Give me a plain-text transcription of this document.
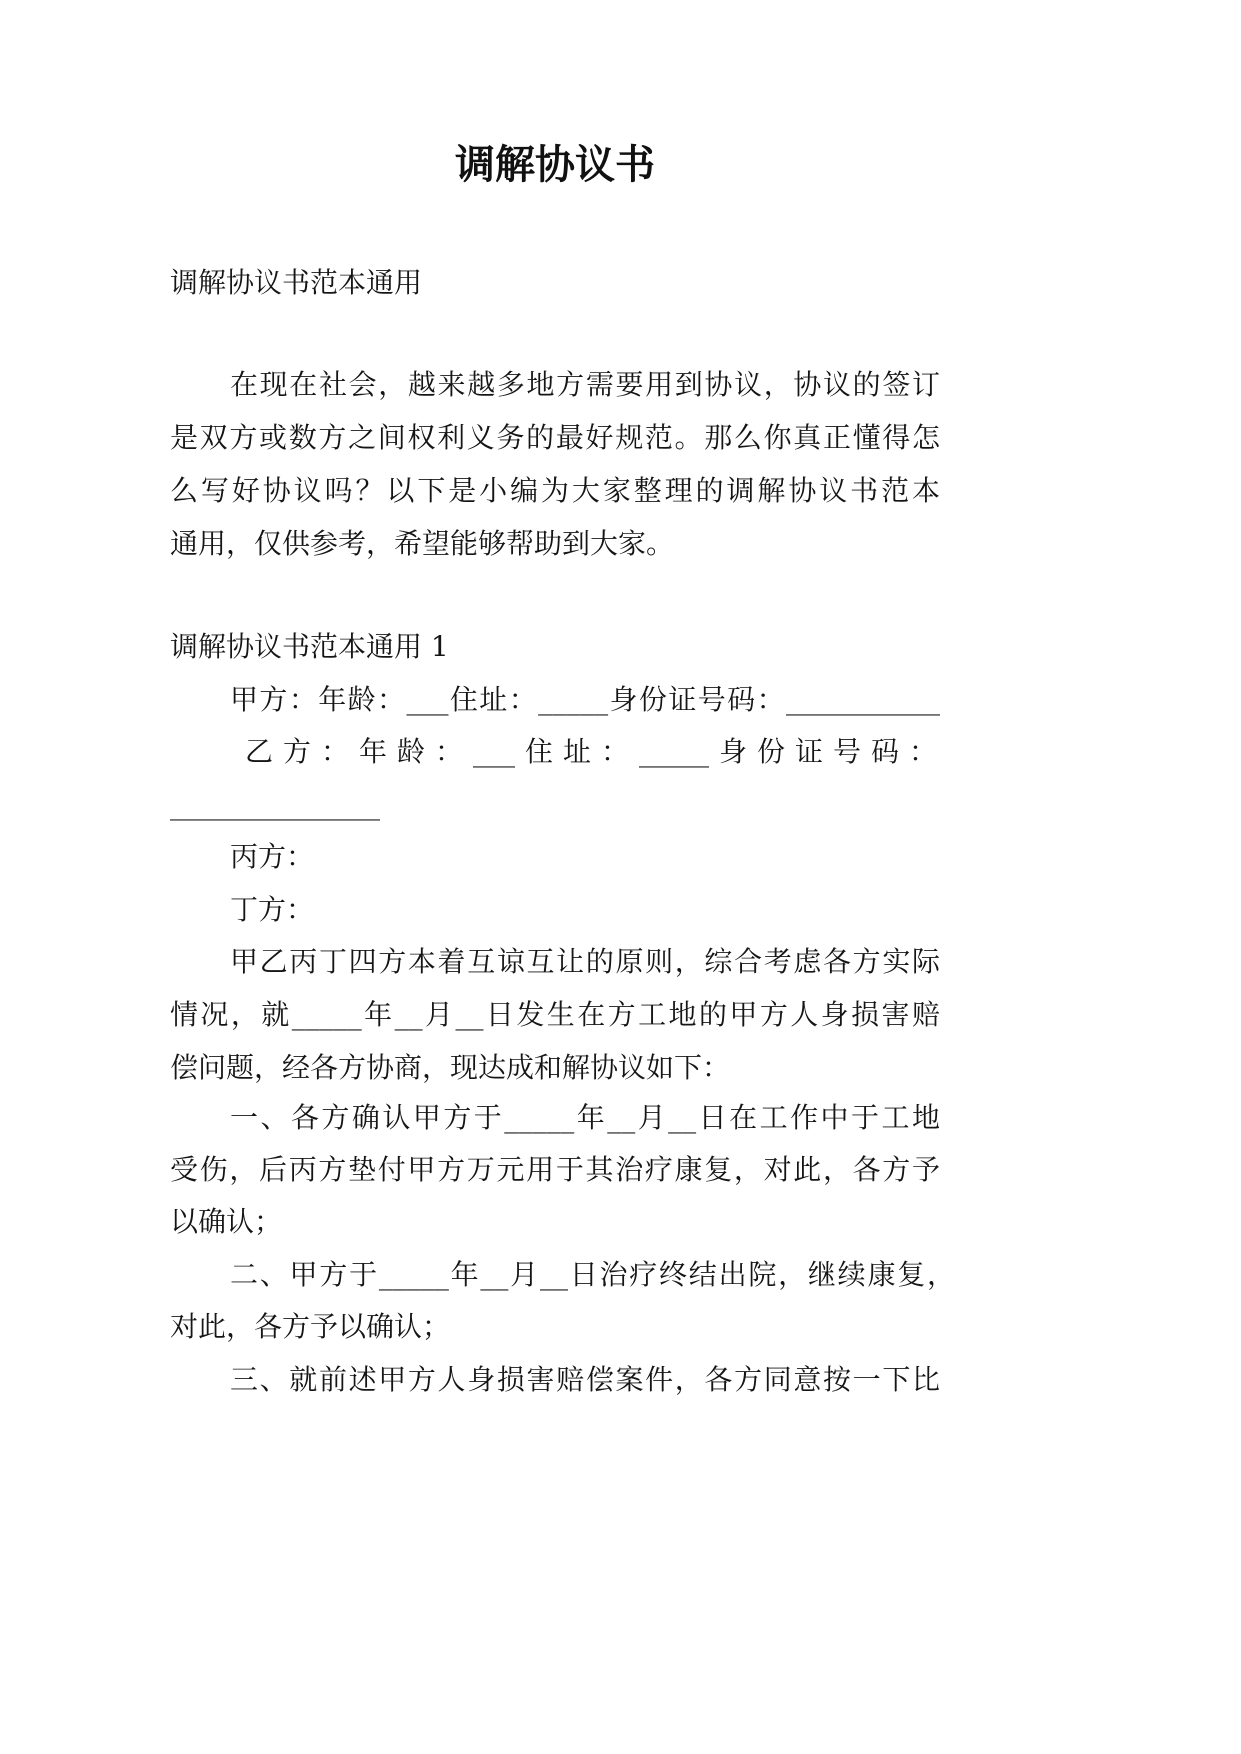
调解协议书
调解协议书范本通用
在现在社会，越来越多地方需要用到协议，协议的签订
是双方或数方之间权利义务的最好规范。那么你真正懂得怎
么写好协议吗？以下是小编为大家整理的调解协议书范本
通用，仅供参考，希望能够帮助到大家。
调解协议书范本通用 1
甲方：年龄：___住址：_____身份证号码：___________
乙方：年龄：___住址：_____身份证号码：
_______________
丙方：
丁方：
甲乙丙丁四方本着互谅互让的原则，综合考虑各方实际
情况，就_____年__月__日发生在方工地的甲方人身损害赔
偿问题，经各方协商，现达成和解协议如下：
一、各方确认甲方于_____年__月__日在工作中于工地
受伤，后丙方垫付甲方万元用于其治疗康复，对此，各方予
以确认；
二、甲方于_____年__月__日治疗终结出院，继续康复，
对此，各方予以确认；
三、就前述甲方人身损害赔偿案件，各方同意按一下比
